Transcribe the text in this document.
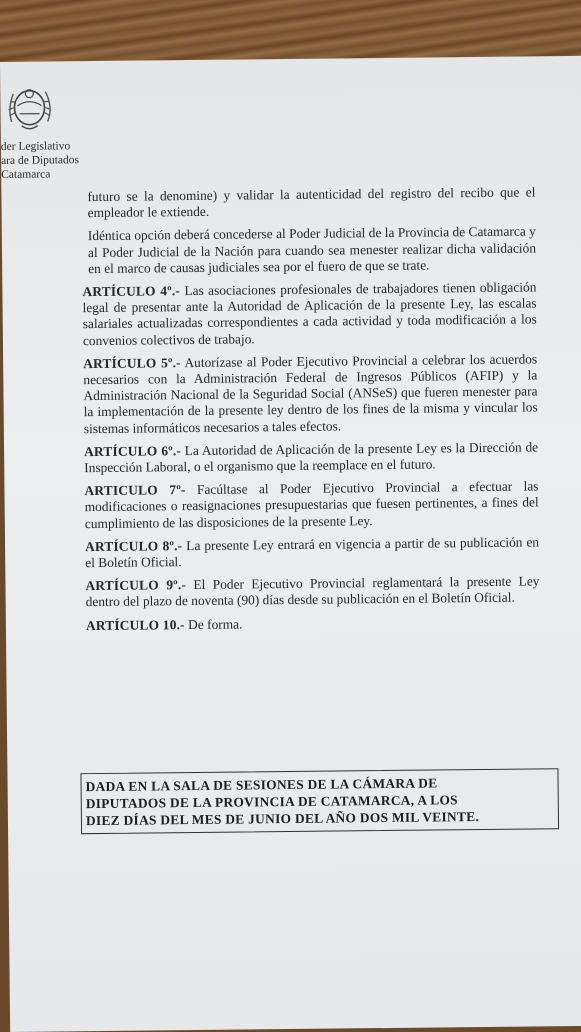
der Legislativo
ara de Diputados
Catamarca

futuro se la denomine) y validar la autenticidad del registro del recibo que el empleador le extiende.

Idéntica opción deberá concederse al Poder Judicial de la Provincia de Catamarca y al Poder Judicial de la Nación para cuando sea menester realizar dicha validación en el marco de causas judiciales sea por el fuero de que se trate.

ARTÍCULO 4º.- Las asociaciones profesionales de trabajadores tienen obligación legal de presentar ante la Autoridad de Aplicación de la presente Ley, las escalas salariales actualizadas correspondientes a cada actividad y toda modificación a los convenios colectivos de trabajo.

ARTÍCULO 5º.- Autorízase al Poder Ejecutivo Provincial a celebrar los acuerdos necesarios con la Administración Federal de Ingresos Públicos (AFIP) y la Administración Nacional de la Seguridad Social (ANSeS) que fueren menester para la implementación de la presente ley dentro de los fines de la misma y vincular los sistemas informáticos necesarios a tales efectos.

ARTÍCULO 6º.- La Autoridad de Aplicación de la presente Ley es la Dirección de Inspección Laboral, o el organismo que la reemplace en el futuro.

ARTICULO 7º- Facúltase al Poder Ejecutivo Provincial a efectuar las modificaciones o reasignaciones presupuestarias que fuesen pertinentes, a fines del cumplimiento de las disposiciones de la presente Ley.

ARTÍCULO 8º.- La presente Ley entrará en vigencia a partir de su publicación en el Boletín Oficial.

ARTÍCULO 9º.- El Poder Ejecutivo Provincial reglamentará la presente Ley dentro del plazo de noventa (90) días desde su publicación en el Boletín Oficial.

ARTÍCULO 10.- De forma.

DADA EN LA SALA DE SESIONES DE LA CÁMARA DE
DIPUTADOS DE LA PROVINCIA DE CATAMARCA, A LOS
DIEZ DÍAS DEL MES DE JUNIO DEL AÑO DOS MIL VEINTE.
